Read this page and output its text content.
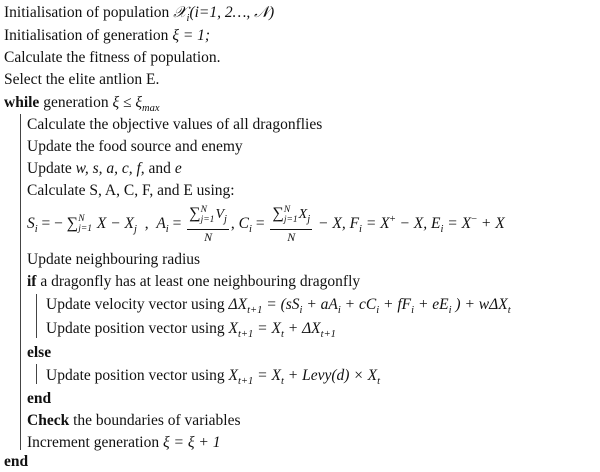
Initialisation of population 𝒳$_i$(i=1, 2…, 𝒩)
Initialisation of generation ξ = 1;
Calculate the fitness of population.
Select the elite antlion E.
while generation $\xi \le \xi_{max}$
Calculate the objective values of all dragonflies
Update the food source and enemy
Update w, s, a, c, f, and e
Calculate S, A, C, F, and E using:
$S_i$ = − ∑ N
j=1 $X - X_j$  ,  $A_i$ = ∑ N
j=1 $V_j$
N , $C_i$ = ∑ N
j=1 $X_j$
N − X, $F_i = X^+ - X$, $E_i = X^- + X$
Update neighbouring radius
if a dragonfly has at least one neighbouring dragonfly
Update velocity vector using $\Delta X_{t+1} = (sS_i + aA_i + cC_i + fF_i + eE_i$ ) + wΔX$_t$
Update position vector using $X_{t+1} = X_t + \Delta X_{t+1}$
else
Update position vector using $X_{t+1} = X_t$ + Levy(d) × $X_t$
end
Check the boundaries of variables
Increment generation ξ = ξ + 1
end
